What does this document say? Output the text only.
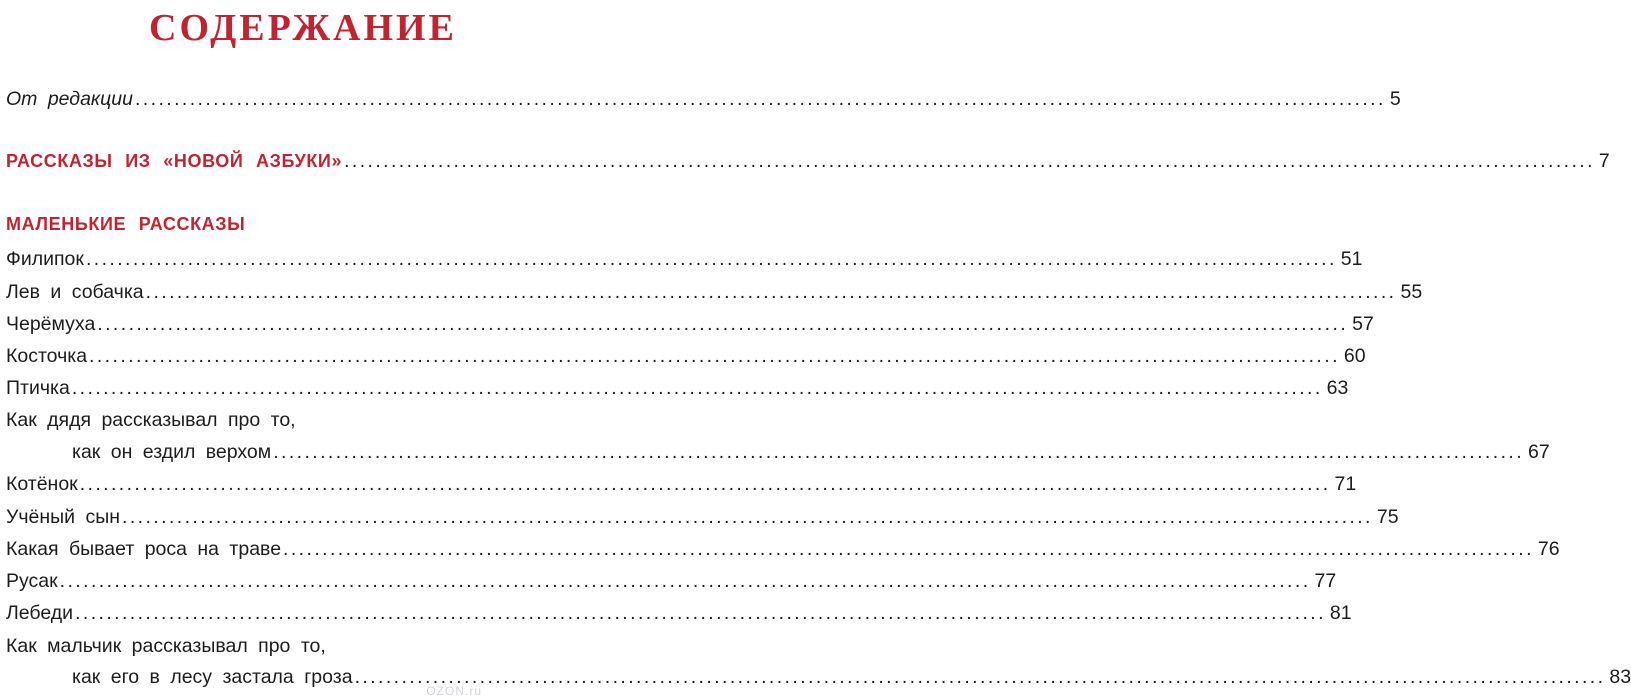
СОДЕРЖАНИЕ
От редакции ................................................................................................................................................................ 5
РАССКАЗЫ ИЗ «НОВОЙ АЗБУКИ» ................................................................................................................................................................ 7
МАЛЕНЬКИЕ РАССКАЗЫ
Филипок ................................................................................................................................................................ 51
Лев и собачка ................................................................................................................................................................ 55
Черёмуха ................................................................................................................................................................ 57
Косточка ................................................................................................................................................................ 60
Птичка ................................................................................................................................................................ 63
Как дядя рассказывал про то,
как он ездил верхом ................................................................................................................................................................ 67
Котёнок ................................................................................................................................................................ 71
Учёный сын ................................................................................................................................................................ 75
Какая бывает роса на траве ................................................................................................................................................................ 76
Русак ................................................................................................................................................................ 77
Лебеди ................................................................................................................................................................ 81
Как мальчик рассказывал про то,
как его в лесу застала гроза ................................................................................................................................................................ 83
OZON.ru
